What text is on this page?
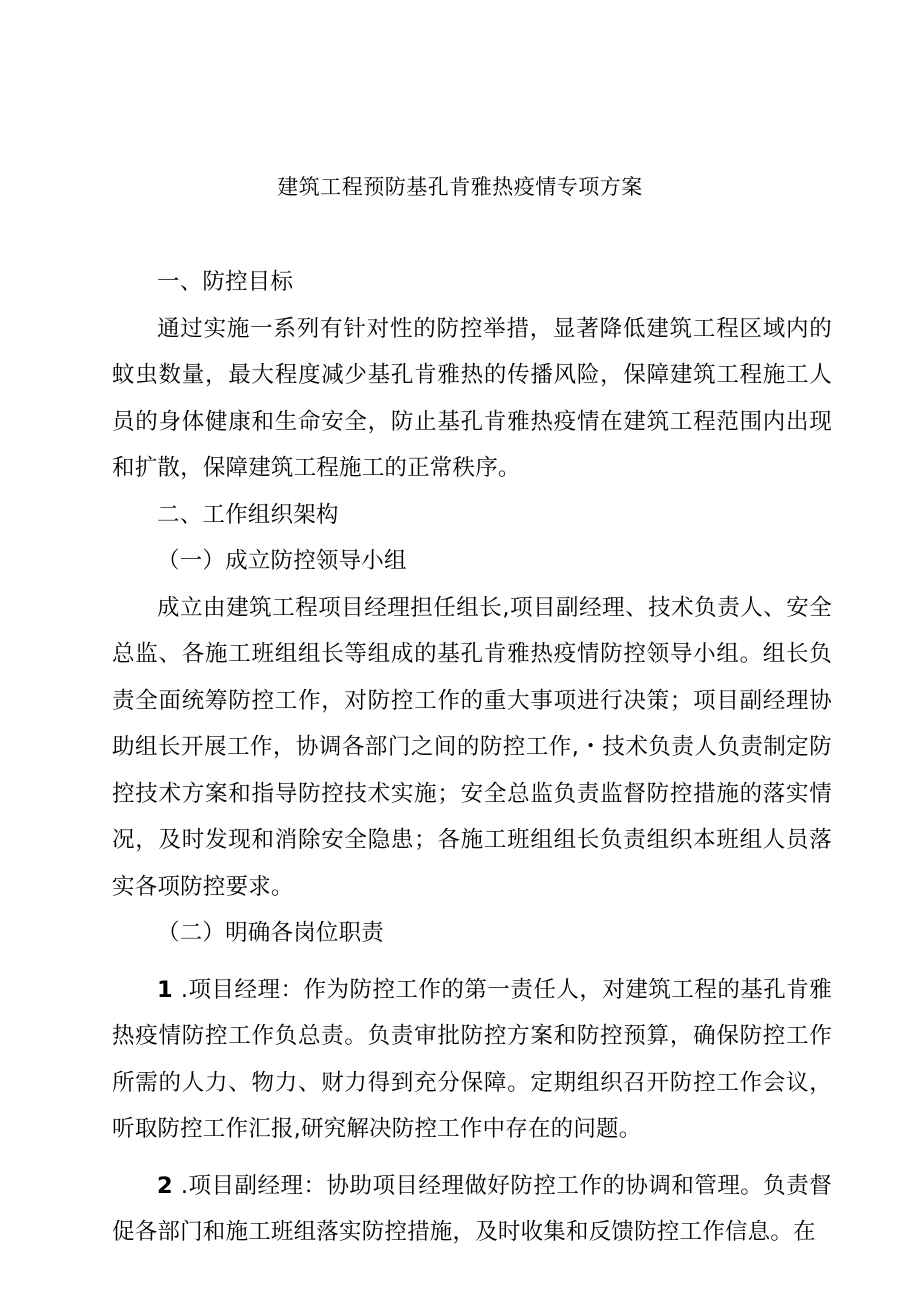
建筑工程预防基孔肯雅热疫情专项方案

一、防控目标

通过实施一系列有针对性的防控举措，显著降低建筑工程区域内的蚊虫数量，最大程度减少基孔肯雅热的传播风险，保障建筑工程施工人员的身体健康和生命安全，防止基孔肯雅热疫情在建筑工程范围内出现和扩散，保障建筑工程施工的正常秩序。

二、工作组织架构

（一）成立防控领导小组

成立由建筑工程项目经理担任组长,项目副经理、技术负责人、安全总监、各施工班组组长等组成的基孔肯雅热疫情防控领导小组。组长负责全面统筹防控工作，对防控工作的重大事项进行决策；项目副经理协助组长开展工作，协调各部门之间的防控工作,・技术负责人负责制定防控技术方案和指导防控技术实施；安全总监负责监督防控措施的落实情况，及时发现和消除安全隐患；各施工班组组长负责组织本班组人员落实各项防控要求。

（二）明确各岗位职责

1 .项目经理：作为防控工作的第一责任人，对建筑工程的基孔肯雅热疫情防控工作负总责。负责审批防控方案和防控预算，确保防控工作所需的人力、物力、财力得到充分保障。定期组织召开防控工作会议，听取防控工作汇报,研究解决防控工作中存在的问题。

2 .项目副经理：协助项目经理做好防控工作的协调和管理。负责督促各部门和施工班组落实防控措施，及时收集和反馈防控工作信息。在
